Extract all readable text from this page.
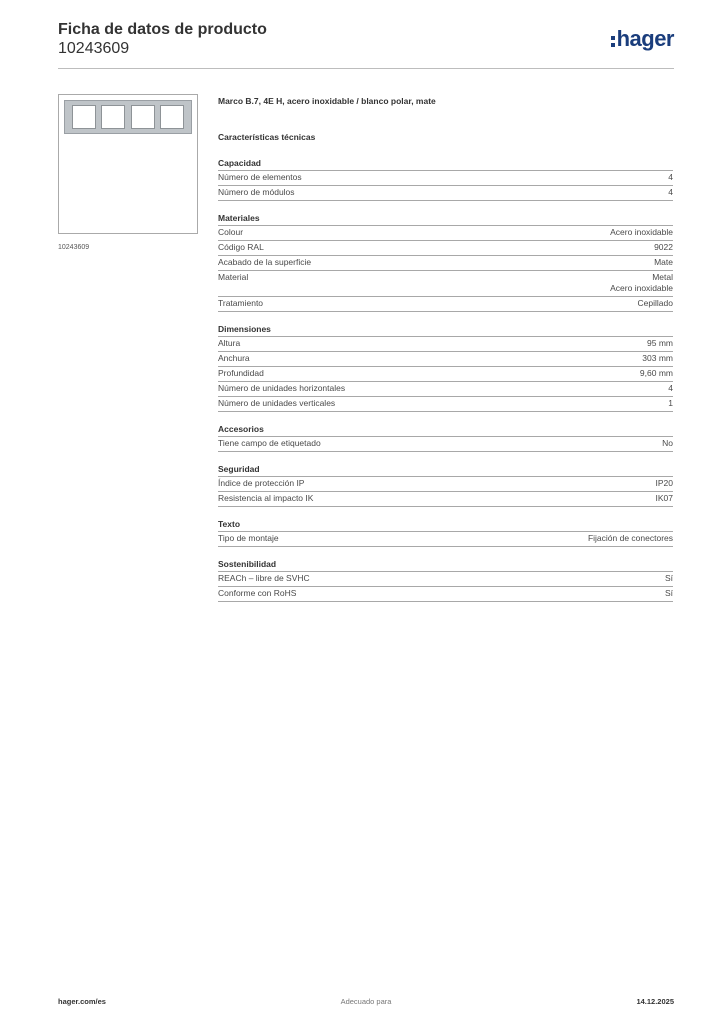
Ficha de datos de producto
10243609	hager
10243609
Marco B.7, 4E H, acero inoxidable / blanco polar, mate
Características técnicas
Capacidad
Número de elementos	4
Número de módulos	4
Materiales
Colour	Acero inoxidable
Código RAL	9022
Acabado de la superficie	Mate
Material	Metal
Acero inoxidable
Tratamiento	Cepillado
Dimensiones
Altura	95 mm
Anchura	303 mm
Profundidad	9,60 mm
Número de unidades horizontales	4
Número de unidades verticales	1
Accesorios
Tiene campo de etiquetado	No
Seguridad
Índice de protección IP	IP20
Resistencia al impacto IK	IK07
Texto
Tipo de montaje	Fijación de conectores
Sostenibilidad
REACh – libre de SVHC	Sí
Conforme con RoHS	Sí
hager.com/es	Adecuado para	14.12.2025
